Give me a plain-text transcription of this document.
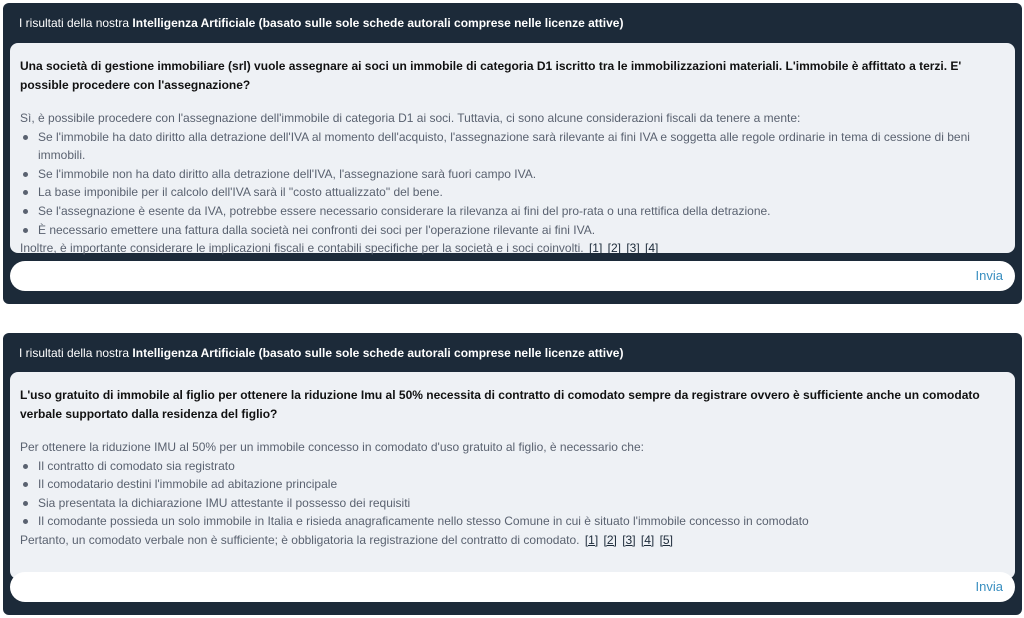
I risultati della nostra Intelligenza Artificiale (basato sulle sole schede autorali comprese nelle licenze attive)

Una società di gestione immobiliare (srl) vuole assegnare ai soci un immobile di categoria D1 iscritto tra le immobilizzazioni materiali. L'immobile è affittato a terzi. E' possible procedere con l'assegnazione?

Sì, è possibile procedere con l'assegnazione dell'immobile di categoria D1 ai soci. Tuttavia, ci sono alcune considerazioni fiscali da tenere a mente:
Se l'immobile ha dato diritto alla detrazione dell'IVA al momento dell'acquisto, l'assegnazione sarà rilevante ai fini IVA e soggetta alle regole ordinarie in tema di cessione di beni immobili.
Se l'immobile non ha dato diritto alla detrazione dell'IVA, l'assegnazione sarà fuori campo IVA.
La base imponibile per il calcolo dell'IVA sarà il "costo attualizzato" del bene.
Se l'assegnazione è esente da IVA, potrebbe essere necessario considerare la rilevanza ai fini del pro-rata o una rettifica della detrazione.
È necessario emettere una fattura dalla società nei confronti dei soci per l'operazione rilevante ai fini IVA.
Inoltre, è importante considerare le implicazioni fiscali e contabili specifiche per la società e i soci coinvolti. [1] [2] [3] [4]
Invia
I risultati della nostra Intelligenza Artificiale (basato sulle sole schede autorali comprese nelle licenze attive)

L'uso gratuito di immobile al figlio per ottenere la riduzione Imu al 50% necessita di contratto di comodato sempre da registrare ovvero è sufficiente anche un comodato verbale supportato dalla residenza del figlio?

Per ottenere la riduzione IMU al 50% per un immobile concesso in comodato d'uso gratuito al figlio, è necessario che:
Il contratto di comodato sia registrato
Il comodatario destini l'immobile ad abitazione principale
Sia presentata la dichiarazione IMU attestante il possesso dei requisiti
Il comodante possieda un solo immobile in Italia e risieda anagraficamente nello stesso Comune in cui è situato l'immobile concesso in comodato
Pertanto, un comodato verbale non è sufficiente; è obbligatoria la registrazione del contratto di comodato. [1] [2] [3] [4] [5]
Invia
